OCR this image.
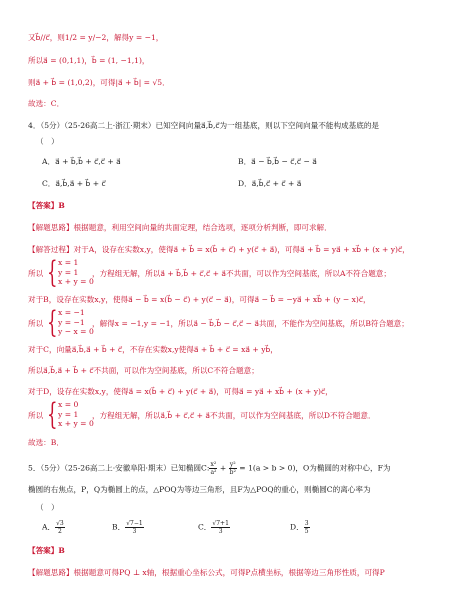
又b⃗//c⃗，则1/2 = y/−2，解得y = −1，
所以a⃗ = (0,1,1)，b⃗ = (1, −1,1)，
则a⃗ + b⃗ = (1,0,2)，可得|a⃗ + b⃗| = √5．
故选：C．
4．（5分）（25-26高二上·浙江·期末）已知空间向量a⃗,b⃗,c⃗为一组基底，则以下空间向量不能构成基底的是
（　）
A．a⃗ + b⃗,b⃗ + c⃗,c⃗ + a⃗	B．a⃗ − b⃗,b⃗ − c⃗,c⃗ − a⃗
C．a⃗,b⃗,a⃗ + b⃗ + c⃗	D．a⃗,b⃗,c⃗ + c⃗ + a⃗
【答案】B
【解题思路】根据题意，利用空间向量的共面定理，结合选项，逐项分析判断，即可求解．
【解答过程】对于A，设存在实数x,y，使得a⃗ + b⃗ = x(b⃗ + c⃗) + y(c⃗ + a⃗)，可得a⃗ + b⃗ = ya⃗ + xb⃗ + (x + y)c⃗，
所以 { x = 1
y = 1
x + y = 0
，方程组无解，所以a⃗ + b⃗,b⃗ + c⃗,c⃗ + a⃗不共面，可以作为空间基底，所以A不符合题意；
对于B，设存在实数x,y，使得a⃗ − b⃗ = x(b⃗ − c⃗) + y(c⃗ − a⃗)，可得a⃗ − b⃗ = −ya⃗ + xb⃗ + (y − x)c⃗，
所以 { x = −1
y = −1
y − x = 0
，解得x = −1,y = −1，所以a⃗ − b⃗,b⃗ − c⃗,c⃗ − a⃗共面，不能作为空间基底，所以B符合题意；
对于C，向量a⃗,b⃗,a⃗ + b⃗ + c⃗，不存在实数x,y使得a⃗ + b⃗ + c⃗ = xa⃗ + yb⃗，
所以a⃗,b⃗,a⃗ + b⃗ + c⃗不共面，可以作为空间基底，所以C不符合题意；
对于D，设存在实数x,y，使得a⃗ = x(b⃗ + c⃗) + y(c⃗ + a⃗)，可得a⃗ = ya⃗ + xb⃗ + (x + y)c⃗，
所以 { x = 0
y = 1
x + y = 0
，方程组无解，所以a⃗,b⃗ + c⃗,c⃗ + a⃗不共面，可以作为空间基底，所以D不符合题意．
故选：B．
5．（5分）（25-26高二上·安徽阜阳·期末）已知椭圆C: $\frac{\text{x²}}{\text{a²}} + \frac{\text{y²}}{\text{b²}} = 1(a > b > 0)$，O为椭圆的对称中心，F为
椭圆的右焦点，P，Q为椭圆上的点，△POQ为等边三角形，且F为△POQ的重心，则椭圆C的离心率为
（　）
A． $\frac{√3}{2}$	B． $\frac{√7-1}{3}$	C． $\frac{√7+1}{3}$	D． $\frac{3}{5}$
【答案】B
【解题思路】根据题意可得PQ ⊥ x轴，根据重心坐标公式，可得P点横坐标，根据等边三角形性质，可得P
